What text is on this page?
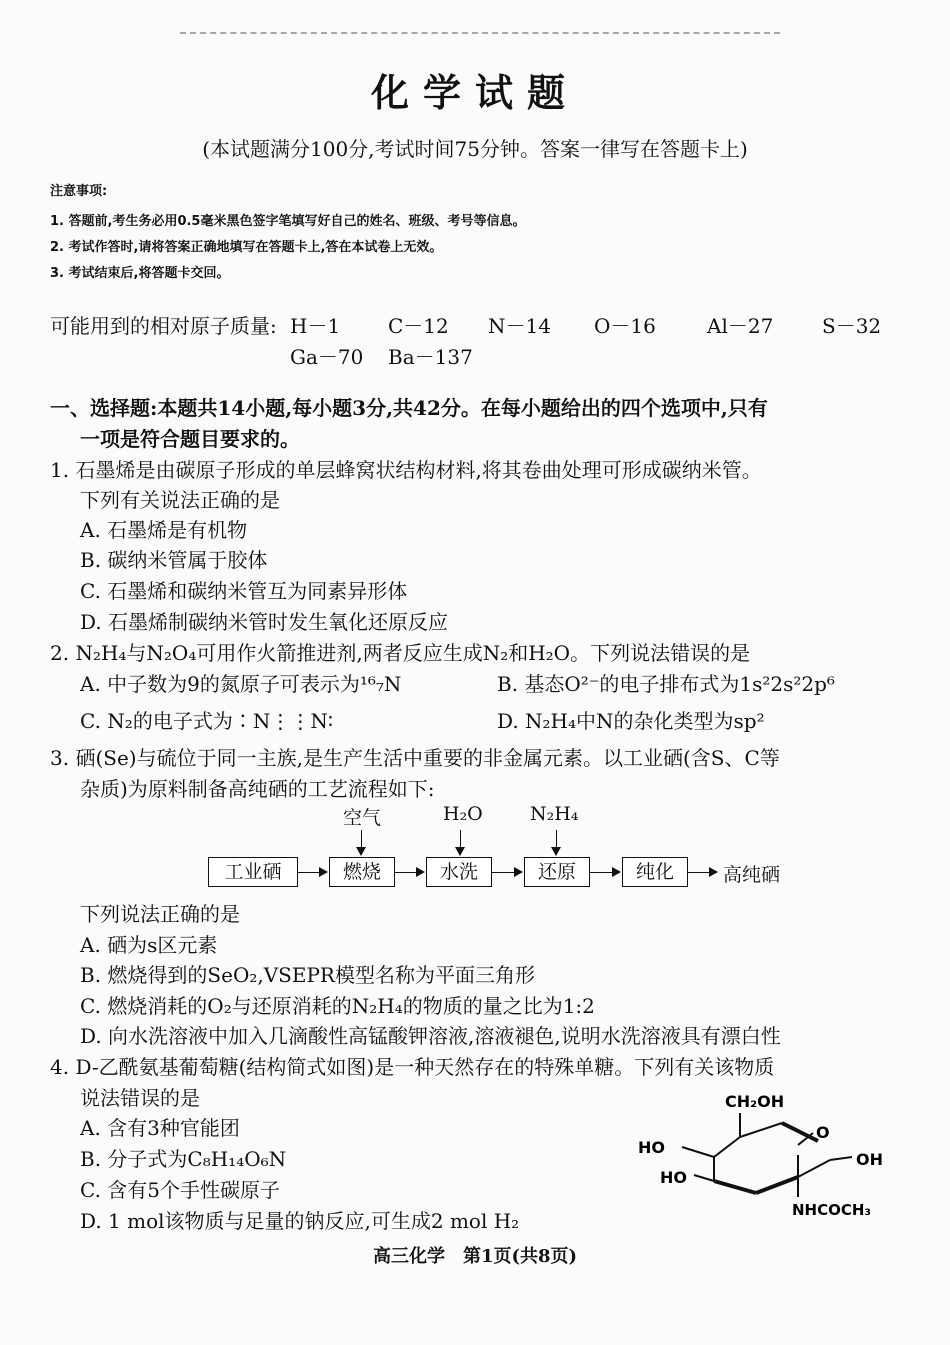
化学试题
(本试题满分100分,考试时间75分钟。答案一律写在答题卡上)
注意事项:
1. 答题前,考生务必用0.5毫米黑色签字笔填写好自己的姓名、班级、考号等信息。
2. 考试作答时,请将答案正确地填写在答题卡上,答在本试卷上无效。
3. 考试结束后,将答题卡交回。
可能用到的相对原子质量: H－1 C－12 N－14 O－16	Al－27 S－32
Ga－70 Ba－137
一、选择题:本题共14小题,每小题3分,共42分。在每小题给出的四个选项中,只有
一项是符合题目要求的。
1. 石墨烯是由碳原子形成的单层蜂窝状结构材料,将其卷曲处理可形成碳纳米管。
下列有关说法正确的是
A. 石墨烯是有机物
B. 碳纳米管属于胶体
C. 石墨烯和碳纳米管互为同素异形体
D. 石墨烯制碳纳米管时发生氧化还原反应
2. N₂H₄与N₂O₄可用作火箭推进剂,两者反应生成N₂和H₂O。下列说法错误的是
A. 中子数为9的氮原子可表示为¹⁶₇N	B. 基态O²⁻的电子排布式为1s²2s²2p⁶
C. N₂的电子式为∶N⋮⋮N∶	D. N₂H₄中N的杂化类型为sp²
3. 硒(Se)与硫位于同一主族,是生产生活中重要的非金属元素。以工业硒(含S、C等
杂质)为原料制备高纯硒的工艺流程如下:
空气	H₂O N₂H₄
工业硒	燃烧	水洗	还原	纯化	高纯硒
下列说法正确的是
A. 硒为s区元素
B. 燃烧得到的SeO₂,VSEPR模型名称为平面三角形
C. 燃烧消耗的O₂与还原消耗的N₂H₄的物质的量之比为1:2
D. 向水洗溶液中加入几滴酸性高锰酸钾溶液,溶液褪色,说明水洗溶液具有漂白性
4. D-乙酰氨基葡萄糖(结构简式如图)是一种天然存在的特殊单糖。下列有关该物质
说法错误的是
A. 含有3种官能团
B. 分子式为C₈H₁₄O₆N
C. 含有5个手性碳原子
D. 1 mol该物质与足量的钠反应,可生成2 mol H₂
CH₂OH
O
HO
HO
OH
NHCOCH₃
高三化学　第1页(共8页)
